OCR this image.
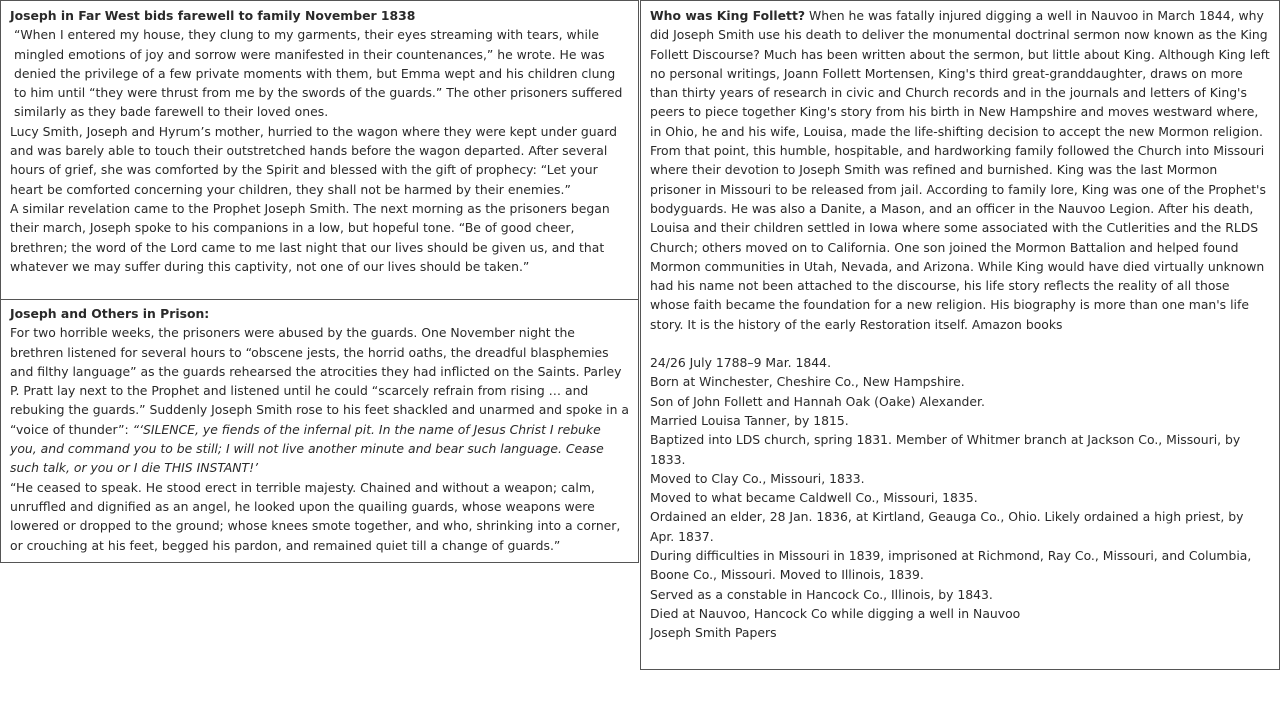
Joseph in Far West bids farewell to family November 1838

“When I entered my house, they clung to my garments, their eyes streaming with tears, while mingled emotions of joy and sorrow were manifested in their countenances,” he wrote. He was denied the privilege of a few private moments with them, but Emma wept and his children clung to him until “they were thrust from me by the swords of the guards.” The other prisoners suffered similarly as they bade farewell to their loved ones.

Lucy Smith, Joseph and Hyrum’s mother, hurried to the wagon where they were kept under guard and was barely able to touch their outstretched hands before the wagon departed. After several hours of grief, she was comforted by the Spirit and blessed with the gift of prophecy: “Let your heart be comforted concerning your children, they shall not be harmed by their enemies.”

A similar revelation came to the Prophet Joseph Smith. The next morning as the prisoners began their march, Joseph spoke to his companions in a low, but hopeful tone. “Be of good cheer, brethren; the word of the Lord came to me last night that our lives should be given us, and that whatever we may suffer during this captivity, not one of our lives should be taken.”

Joseph and Others in Prison:

For two horrible weeks, the prisoners were abused by the guards. One November night the brethren listened for several hours to “obscene jests, the horrid oaths, the dreadful blasphemies and filthy language” as the guards rehearsed the atrocities they had inflicted on the Saints. Parley P. Pratt lay next to the Prophet and listened until he could “scarcely refrain from rising … and rebuking the guards.” Suddenly Joseph Smith rose to his feet shackled and unarmed and spoke in a “voice of thunder”: “‘SILENCE, ye fiends of the infernal pit. In the name of Jesus Christ I rebuke you, and command you to be still; I will not live another minute and bear such language. Cease such talk, or you or I die THIS INSTANT!’

“He ceased to speak. He stood erect in terrible majesty. Chained and without a weapon; calm, unruffled and dignified as an angel, he looked upon the quailing guards, whose weapons were lowered or dropped to the ground; whose knees smote together, and who, shrinking into a corner, or crouching at his feet, begged his pardon, and remained quiet till a change of guards.”

Who was King Follett? When he was fatally injured digging a well in Nauvoo in March 1844, why did Joseph Smith use his death to deliver the monumental doctrinal sermon now known as the King Follett Discourse? Much has been written about the sermon, but little about King. Although King left no personal writings, Joann Follett Mortensen, King's third great-granddaughter, draws on more than thirty years of research in civic and Church records and in the journals and letters of King's peers to piece together King's story from his birth in New Hampshire and moves westward where, in Ohio, he and his wife, Louisa, made the life-shifting decision to accept the new Mormon religion. From that point, this humble, hospitable, and hardworking family followed the Church into Missouri where their devotion to Joseph Smith was refined and burnished. King was the last Mormon prisoner in Missouri to be released from jail. According to family lore, King was one of the Prophet's bodyguards. He was also a Danite, a Mason, and an officer in the Nauvoo Legion. After his death, Louisa and their children settled in Iowa where some associated with the Cutlerities and the RLDS Church; others moved on to California. One son joined the Mormon Battalion and helped found Mormon communities in Utah, Nevada, and Arizona. While King would have died virtually unknown had his name not been attached to the discourse, his life story reflects the reality of all those whose faith became the foundation for a new religion. His biography is more than one man's life story. It is the history of the early Restoration itself. Amazon books

24/26 July 1788–9 Mar. 1844.

Born at Winchester, Cheshire Co., New Hampshire.

Son of John Follett and Hannah Oak (Oake) Alexander.

Married Louisa Tanner, by 1815.

Baptized into LDS church, spring 1831. Member of Whitmer branch at Jackson Co., Missouri, by 1833.

Moved to Clay Co., Missouri, 1833.

Moved to what became Caldwell Co., Missouri, 1835.

Ordained an elder, 28 Jan. 1836, at Kirtland, Geauga Co., Ohio. Likely ordained a high priest, by Apr. 1837.

During difficulties in Missouri in 1839, imprisoned at Richmond, Ray Co., Missouri, and Columbia, Boone Co., Missouri. Moved to Illinois, 1839.

Served as a constable in Hancock Co., Illinois, by 1843.

Died at Nauvoo, Hancock Co while digging a well in Nauvoo

Joseph Smith Papers
